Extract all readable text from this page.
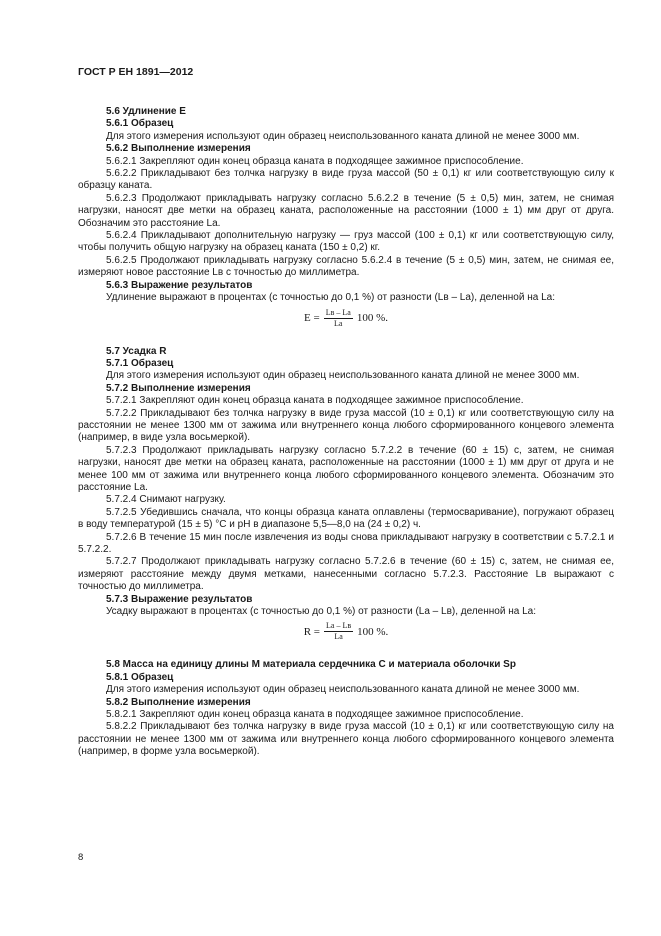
ГОСТ Р ЕН 1891—2012

5.6 Удлинение E

5.6.1 Образец

Для этого измерения используют один образец неиспользованного каната длиной не менее 3000 мм.

5.6.2 Выполнение измерения

5.6.2.1 Закрепляют один конец образца каната в подходящее зажимное приспособление.

5.6.2.2 Прикладывают без толчка нагрузку в виде груза массой (50 ± 0,1) кг или соответствующую силу к образцу каната.

5.6.2.3 Продолжают прикладывать нагрузку согласно 5.6.2.2 в течение (5 ± 0,5) мин, затем, не снимая нагрузки, наносят две метки на образец каната, расположенные на расстоянии (1000 ± 1) мм друг от друга. Обозначим это расстояние Lа.

5.6.2.4 Прикладывают дополнительную нагрузку — груз массой (100 ± 0,1) кг или соответствующую силу, чтобы получить общую нагрузку на образец каната (150 ± 0,2) кг.

5.6.2.5 Продолжают прикладывать нагрузку согласно 5.6.2.4 в течение (5 ± 0,5) мин, затем, не снимая ее, измеряют новое расстояние Lв с точностью до миллиметра.

5.6.3 Выражение результатов

Удлинение выражают в процентах (с точностью до 0,1 %) от разности (Lв – Lа), деленной на Lа:

$E = \frac{Lв - Lа}{Lа} 100$ %.

5.7 Усадка R

5.7.1 Образец

Для этого измерения используют один образец неиспользованного каната длиной не менее 3000 мм.

5.7.2 Выполнение измерения

5.7.2.1 Закрепляют один конец образца каната в подходящее зажимное приспособление.

5.7.2.2 Прикладывают без толчка нагрузку в виде груза массой (10 ± 0,1) кг или соответствующую силу на расстоянии не менее 1300 мм от зажима или внутреннего конца любого сформированного концевого элемента (например, в виде узла восьмеркой).

5.7.2.3 Продолжают прикладывать нагрузку согласно 5.7.2.2 в течение (60 ± 15) с, затем, не снимая нагрузки, наносят две метки на образец каната, расположенные на расстоянии (1000 ± 1) мм друг от друга и не менее 100 мм от зажима или внутреннего конца любого сформированного концевого элемента. Обозначим это расстояние Lа.

5.7.2.4 Снимают нагрузку.

5.7.2.5 Убедившись сначала, что концы образца каната оплавлены (термосваривание), погружают образец в воду температурой (15 ± 5) °С и рН в диапазоне 5,5—8,0 на (24 ± 0,2) ч.

5.7.2.6 В течение 15 мин после извлечения из воды снова прикладывают нагрузку в соответствии с 5.7.2.1 и 5.7.2.2.

5.7.2.7 Продолжают прикладывать нагрузку согласно 5.7.2.6 в течение (60 ± 15) с, затем, не снимая ее, измеряют расстояние между двумя метками, нанесенными согласно 5.7.2.3. Расстояние Lв выражают с точностью до миллиметра.

5.7.3 Выражение результатов

Усадку выражают в процентах (с точностью до 0,1 %) от разности (Lа – Lв), деленной на Lа:

$R = \frac{Lа - Lв}{Lа} 100$ %.

5.8 Масса на единицу длины M материала сердечника C и материала оболочки Sр

5.8.1 Образец

Для этого измерения используют один образец неиспользованного каната длиной не менее 3000 мм.

5.8.2 Выполнение измерения

5.8.2.1 Закрепляют один конец образца каната в подходящее зажимное приспособление.

5.8.2.2 Прикладывают без толчка нагрузку в виде груза массой (10 ± 0,1) кг или соответствующую силу на расстоянии не менее 1300 мм от зажима или внутреннего конца любого сформированного концевого элемента (например, в форме узла восьмеркой).

8
